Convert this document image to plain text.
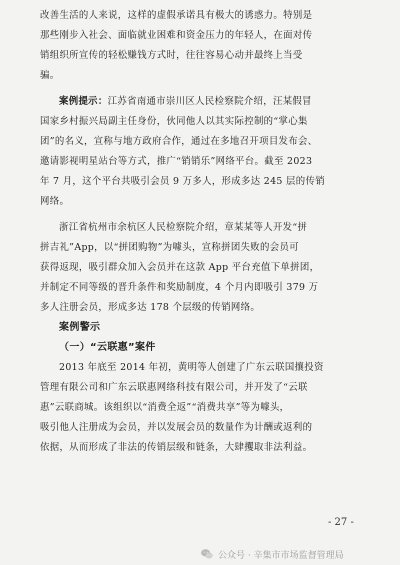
改善生活的人来说，这样的虚假承诺具有极大的诱惑力。特别是
那些刚步入社会、面临就业困难和资金压力的年轻人，在面对传
销组织所宣传的轻松赚钱方式时，往往容易心动并最终上当受
骗。

案例提示：江苏省南通市崇川区人民检察院介绍，汪某假冒
国家乡村振兴局副主任身份，伙同他人以其实际控制的“掌心集
团”的名义，宣称与地方政府合作，通过在多地召开项目发布会、
邀请影视明星站台等方式，推广“销销乐”网络平台。截至 2023
年 7 月，这个平台共吸引会员 9 万多人，形成多达 245 层的传销
网络。

浙江省杭州市余杭区人民检察院介绍，章某某等人开发“拼
拼吉礼”App，以“拼团购物”为噱头，宣称拼团失败的会员可
获得返现，吸引群众加入会员并在这款 App 平台充值下单拼团，
并制定不同等级的晋升条件和奖励制度，4 个月内即吸引 379 万
多人注册会员，形成多达 178 个层级的传销网络。

案例警示

（一）“云联惠”案件

2013 年底至 2014 年初，黄明等人创建了广东云联国攘投资
管理有限公司和广东云联惠网络科技有限公司，并开发了“云联
惠”云联商城。该组织以“消费全返”“消费共享”等为噱头，
吸引他人注册成为会员，并以发展会员的数量作为计酬或返利的
依据，从而形成了非法的传销层级和链条，大肆攫取非法利益。

- 27 -
公众号 · 辛集市市场监督管理局
